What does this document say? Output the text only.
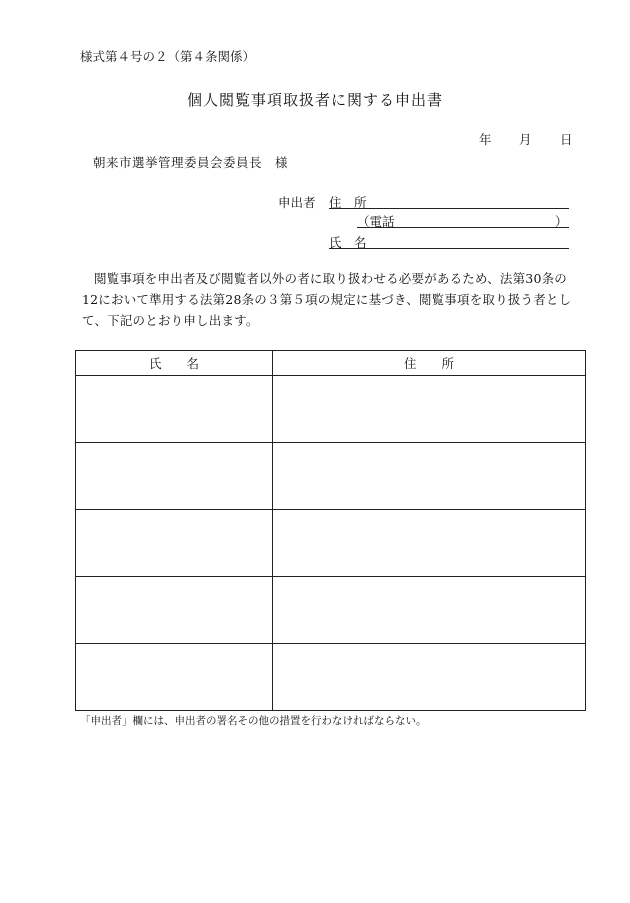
様式第４号の２（第４条関係）
個人閲覧事項取扱者に関する申出書
年 月 日
朝来市選挙管理委員会委員長　様
申出者 住　所
（電話	）
氏　名
閲覧事項を申出者及び閲覧者以外の者に取り扱わせる必要があるため、法第30条の12において準用する法第28条の３第５項の規定に基づき、閲覧事項を取り扱う者として、下記のとおり申し出ます。
氏　　名	住　　所

「申出者」欄には、申出者の署名その他の措置を行わなければならない。
